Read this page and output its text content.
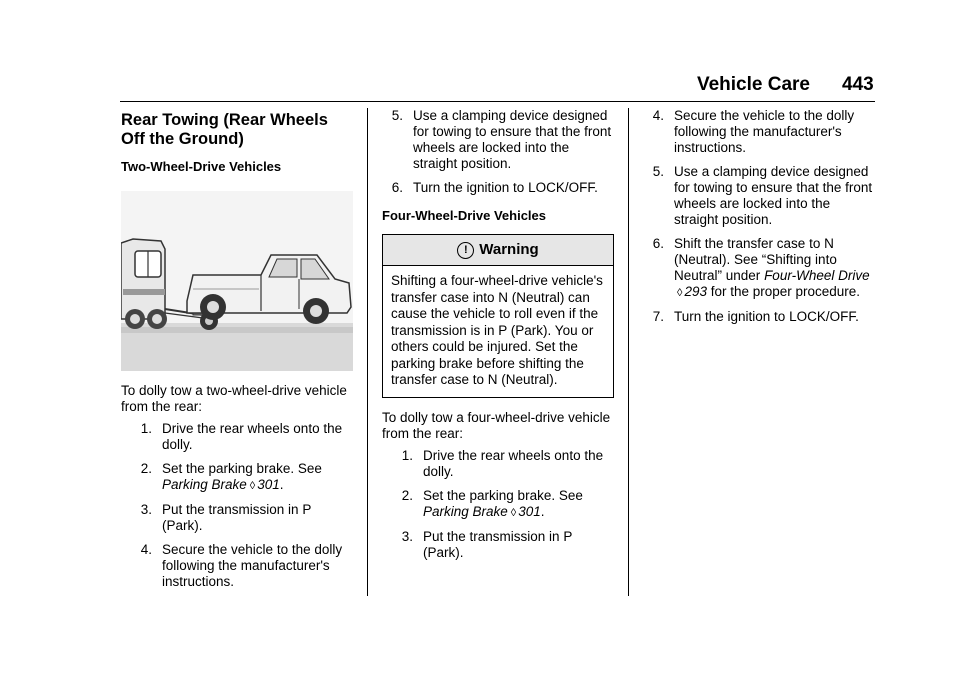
Vehicle Care 443
Rear Towing (Rear Wheels Off the Ground)
Two-Wheel-Drive Vehicles

To dolly tow a two-wheel-drive vehicle from the rear:

1. Drive the rear wheels onto the dolly.
2. Set the parking brake. See
Parking Brake ◊ 301.
3. Put the transmission in P (Park).
4. Secure the vehicle to the dolly following the manufacturer's instructions.
5. Use a clamping device designed for towing to ensure that the front wheels are locked into the straight position.
6. Turn the ignition to LOCK/OFF.
Four-Wheel-Drive Vehicles
! Warning
Shifting a four-wheel-drive vehicle's transfer case into N (Neutral) can cause the vehicle to roll even if the transmission is in P (Park). You or others could be injured. Set the parking brake before shifting the transfer case to N (Neutral).

To dolly tow a four-wheel-drive vehicle from the rear:

1. Drive the rear wheels onto the dolly.
2. Set the parking brake. See
Parking Brake ◊ 301.
3. Put the transmission in P (Park).
4. Secure the vehicle to the dolly following the manufacturer's instructions.
5. Use a clamping device designed for towing to ensure that the front wheels are locked into the straight position.
6. Shift the transfer case to N (Neutral). See “Shifting into Neutral” under Four-Wheel Drive
◊ 293 for the proper procedure.
7. Turn the ignition to LOCK/OFF.
